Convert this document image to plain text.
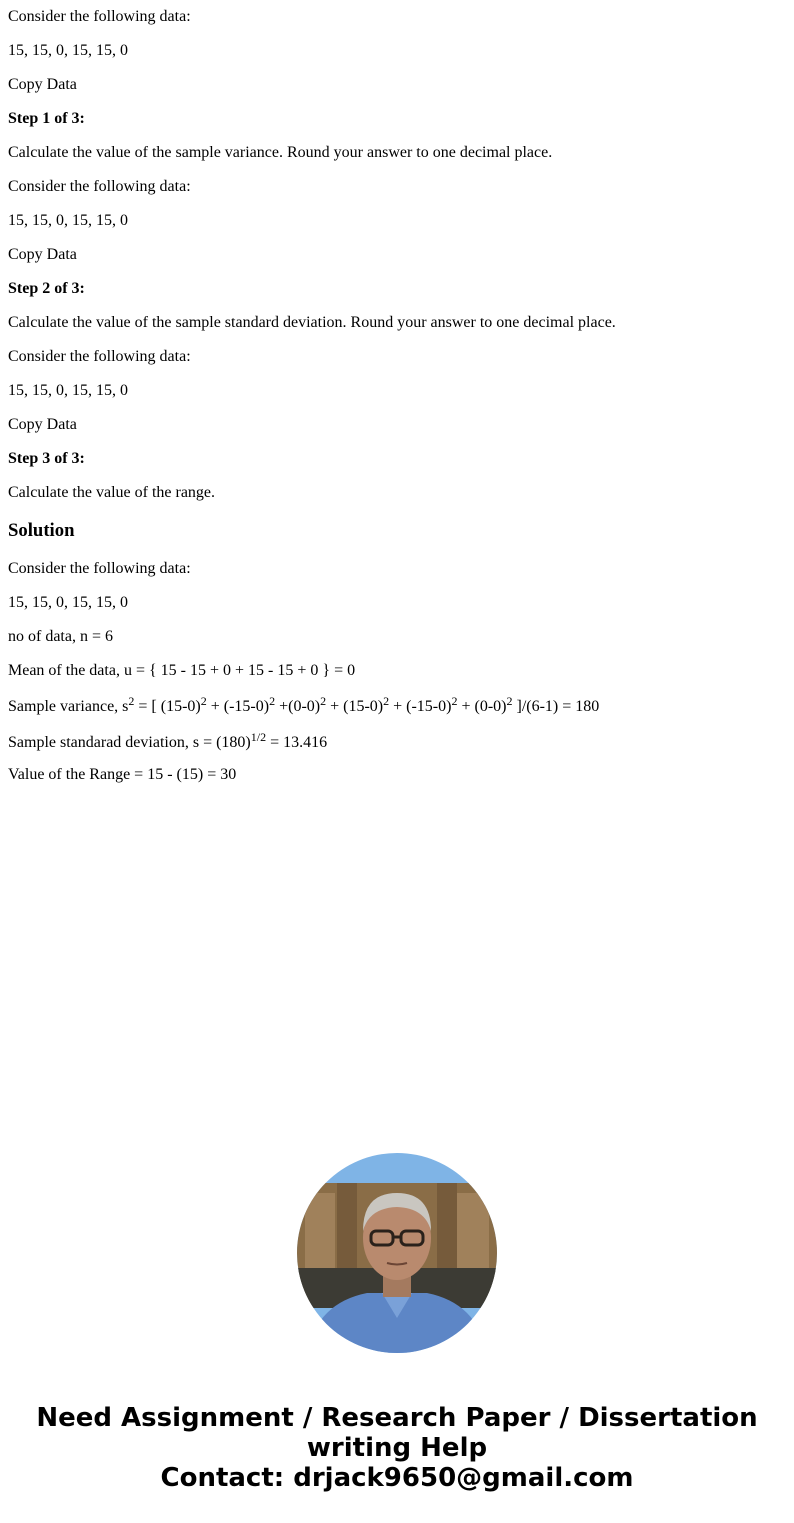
Consider the following data:

15, 15, 0, 15, 15, 0

Copy Data

Step 1 of 3:

Calculate the value of the sample variance. Round your answer to one decimal place.

Consider the following data:

15, 15, 0, 15, 15, 0

Copy Data

Step 2 of 3:

Calculate the value of the sample standard deviation. Round your answer to one decimal place.

Consider the following data:

15, 15, 0, 15, 15, 0

Copy Data

Step 3 of 3:

Calculate the value of the range.

Solution

Consider the following data:

15, 15, 0, 15, 15, 0

no of data, n = 6

Mean of the data, u = { 15 - 15 + 0 + 15 - 15 + 0 } = 0

Sample variance, $s^2$ = [ $(15-0)^2 + (-15-0)^2 +(0-0)^2 + (15-0)^2 + (-15-0)^2 + (0-0)^2$ ]/(6-1) = 180

Sample standarad deviation, $s = (180)^{1/2} = 13.416$

Value of the Range = 15 - (15) = 30

Need Assignment / Research Paper / Dissertation
writing Help
Contact: drjack9650@gmail.com
